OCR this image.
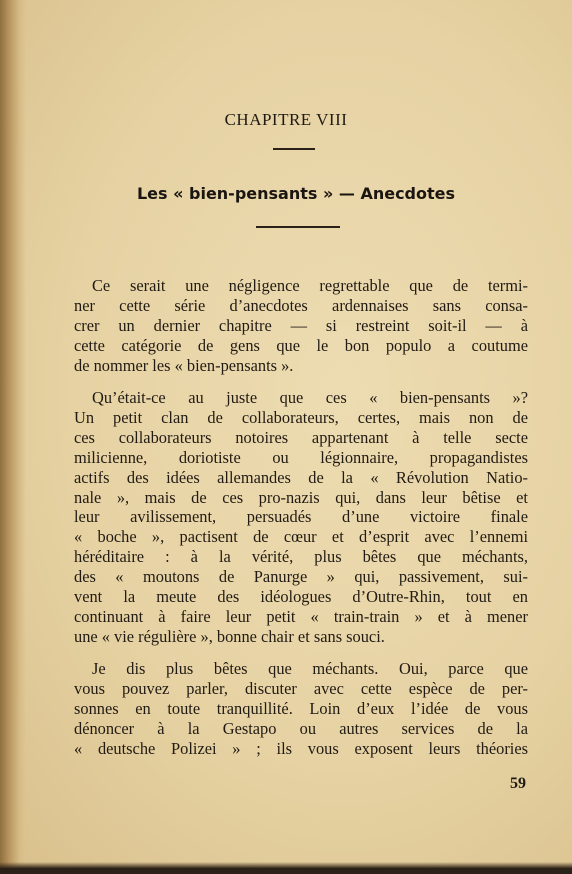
CHAPITRE VIII
Les « bien-pensants » — Anecdotes
Ce serait une négligence regrettable que de termi-
ner cette série d’anecdotes ardennaises sans consa-
crer un dernier chapitre — si restreint soit-il — à
cette catégorie de gens que le bon populo a coutume
de nommer les « bien-pensants ».
Qu’était-ce au juste que ces « bien-pensants »?
Un petit clan de collaborateurs, certes, mais non de
ces collaborateurs notoires appartenant à telle secte
milicienne, doriotiste ou légionnaire, propagandistes
actifs des idées allemandes de la « Révolution Natio-
nale », mais de ces pro-nazis qui, dans leur bêtise et
leur avilissement, persuadés d’une victoire finale
« boche », pactisent de cœur et d’esprit avec l’ennemi
héréditaire : à la vérité, plus bêtes que méchants,
des « moutons de Panurge » qui, passivement, sui-
vent la meute des idéologues d’Outre-Rhin, tout en
continuant à faire leur petit « train-train » et à mener
une « vie régulière », bonne chair et sans souci.
Je dis plus bêtes que méchants. Oui, parce que
vous pouvez parler, discuter avec cette espèce de per-
sonnes en toute tranquillité. Loin d’eux l’idée de vous
dénoncer à la Gestapo ou autres services de la
« deutsche Polizei » ; ils vous exposent leurs théories
59
